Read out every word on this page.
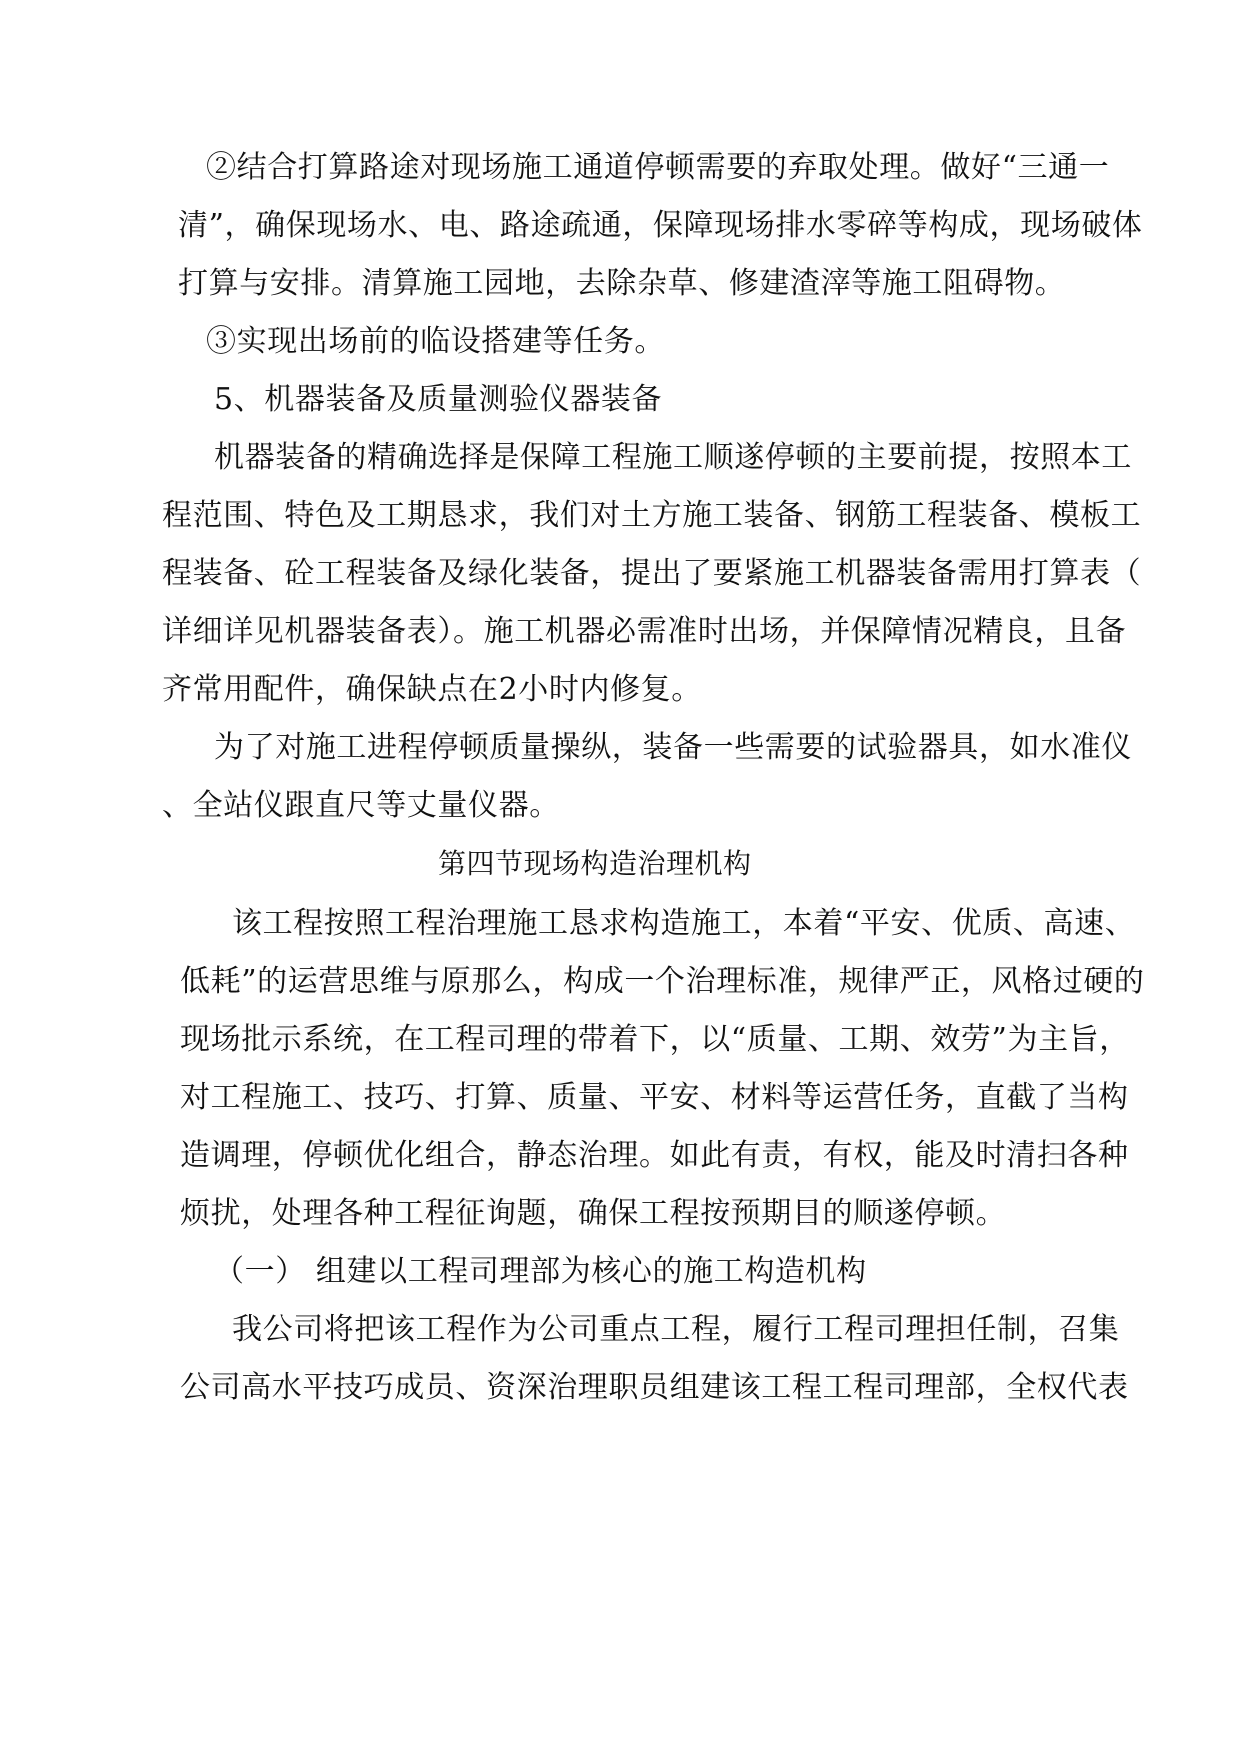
②结合打算路途对现场施工通道停顿需要的弃取处理。做好“三通一
清”，确保现场水、电、路途疏通，保障现场排水零碎等构成，现场破体
打算与安排。清算施工园地，去除杂草、修建渣滓等施工阻碍物。
③实现出场前的临设搭建等任务。
5、机器装备及质量测验仪器装备
机器装备的精确选择是保障工程施工顺遂停顿的主要前提，按照本工
程范围、特色及工期恳求，我们对土方施工装备、钢筋工程装备、模板工
程装备、砼工程装备及绿化装备，提出了要紧施工机器装备需用打算表（
详细详见机器装备表）。施工机器必需准时出场，并保障情况精良，且备
齐常用配件，确保缺点在2小时内修复。
为了对施工进程停顿质量操纵，装备一些需要的试验器具，如水准仪
、全站仪跟直尺等丈量仪器。
第四节现场构造治理机构
该工程按照工程治理施工恳求构造施工，本着“平安、优质、高速、
低耗”的运营思维与原那么，构成一个治理标准，规律严正，风格过硬的
现场批示系统，在工程司理的带着下，以“质量、工期、效劳”为主旨，
对工程施工、技巧、打算、质量、平安、材料等运营任务，直截了当构
造调理，停顿优化组合，静态治理。如此有责，有权，能及时清扫各种
烦扰，处理各种工程征询题，确保工程按预期目的顺遂停顿。
（一） 组建以工程司理部为核心的施工构造机构
我公司将把该工程作为公司重点工程，履行工程司理担任制，召集
公司高水平技巧成员、资深治理职员组建该工程工程司理部，全权代表
